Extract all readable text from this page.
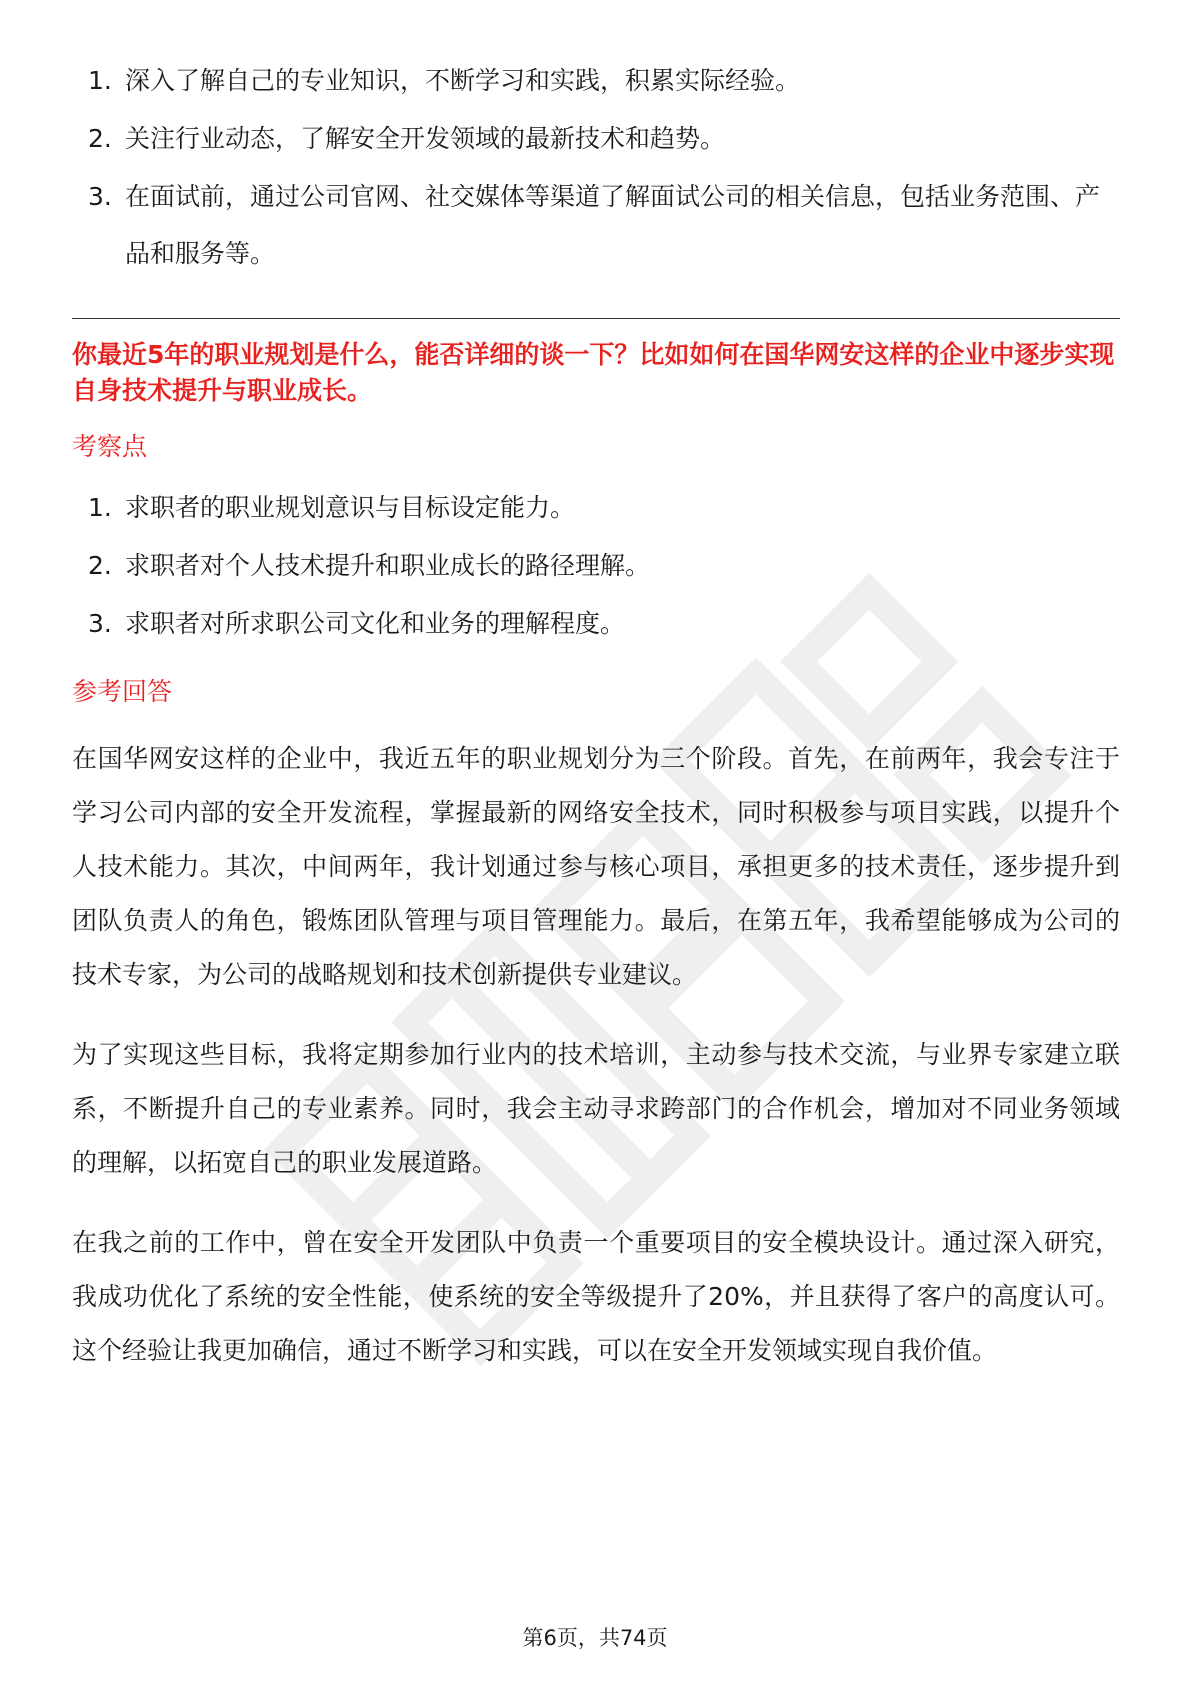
1. 深入了解自己的专业知识，不断学习和实践，积累实际经验。
2. 关注行业动态，了解安全开发领域的最新技术和趋势。
3. 在面试前，通过公司官网、社交媒体等渠道了解面试公司的相关信息，包括业务范围、产品和服务等。

你最近5年的职业规划是什么，能否详细的谈一下？比如如何在国华网安这样的企业中逐步实现自身技术提升与职业成长。

考察点
1. 求职者的职业规划意识与目标设定能力。
2. 求职者对个人技术提升和职业成长的路径理解。
3. 求职者对所求职公司文化和业务的理解程度。
参考回答

在国华网安这样的企业中，我近五年的职业规划分为三个阶段。首先，在前两年，我会专注于学习公司内部的安全开发流程，掌握最新的网络安全技术，同时积极参与项目实践，以提升个人技术能力。其次，中间两年，我计划通过参与核心项目，承担更多的技术责任，逐步提升到团队负责人的角色，锻炼团队管理与项目管理能力。最后，在第五年，我希望能够成为公司的技术专家，为公司的战略规划和技术创新提供专业建议。

为了实现这些目标，我将定期参加行业内的技术培训，主动参与技术交流，与业界专家建立联系，不断提升自己的专业素养。同时，我会主动寻求跨部门的合作机会，增加对不同业务领域的理解，以拓宽自己的职业发展道路。

在我之前的工作中，曾在安全开发团队中负责一个重要项目的安全模块设计。通过深入研究，我成功优化了系统的安全性能，使系统的安全等级提升了20%，并且获得了客户的高度认可。这个经验让我更加确信，通过不断学习和实践，可以在安全开发领域实现自我价值。

第6页，共74页
